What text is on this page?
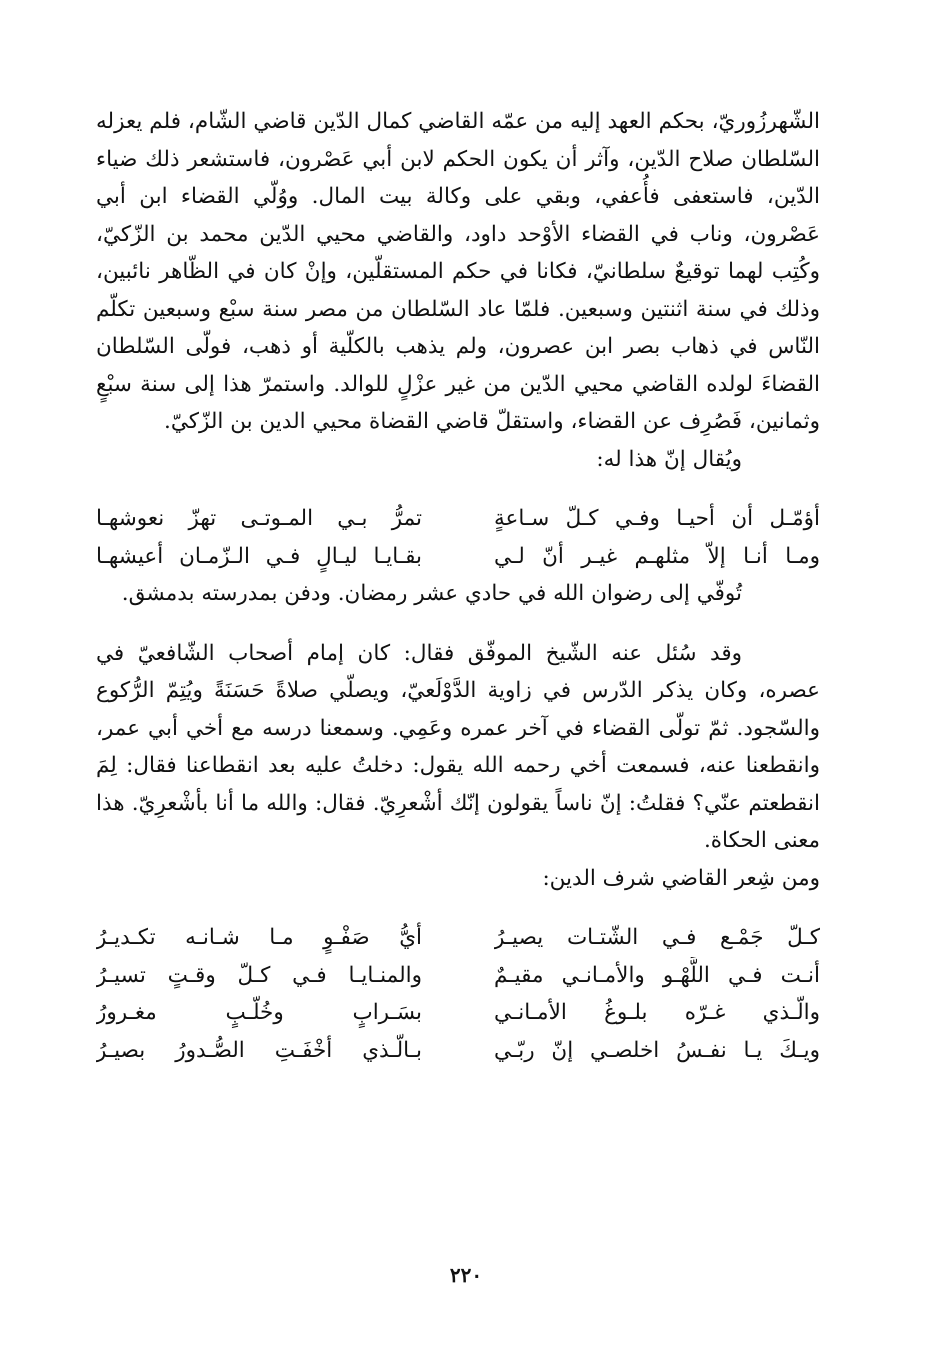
الشّهرزُوريّ، بحكم العهد إليه من عمّه القاضي كمال الدّين قاضي الشّام، فلم يعزله السّلطان صلاح الدّين، وآثر أن يكون الحكم لابن أبي عَصْرون، فاستشعر ذلك ضياء الدّين، فاستعفى فأُعفي، وبقي على وكالة بيت المال. ووُلّي القضاء ابن أبي عَصْرون، وناب في القضاء الأوْحد داود، والقاضي محيي الدّين محمد بن الزّكيّ، وكُتِب لهما توقيعٌ سلطانيّ، فكانا في حكم المستقلّين، وإنْ كان في الظّاهر نائبين، وذلك في سنة اثنتين وسبعين. فلمّا عاد السّلطان من مصر سنة سبْع وسبعين تكلّم النّاس في ذهاب بصر ابن عصرون، ولم يذهب بالكلّية أو ذهب، فولّى السّلطان القضاءَ لولده القاضي محيي الدّين من غير عزْلٍ للوالد. واستمرّ هذا إلى سنة سبْعٍ وثمانين، فَصُرِف عن القضاء، واستقلّ قاضي القضاة محيي الدين بن الزّكيّ.

ويُقال إنّ هذا له:

أؤمّـل أن أحيـا وفـي كـلّ سـاعةٍ
تمرُّ بـي المـوتـى تهزّ نعوشهـا
ومـا أنـا إلاّ مثلهـم غيـر أنّ لـي
بقـايـا ليـالٍ فـي الـزّمـان أعيشهـا

تُوفّي إلى رضوان الله في حادي عشر رمضان. ودفن بمدرسته بدمشق.

وقد سُئل عنه الشّيخ الموفّق فقال: كان إمام أصحاب الشّافعيّ في عصره، وكان يذكر الدّرس في زاوية الدَّوْلَعيّ، ويصلّي صلاةً حَسَنَةً ويُتِمّ الرُّكوع والسّجود. ثمّ تولّى القضاء في آخر عمره وعَمِي. وسمعنا درسه مع أخي أبي عمر، وانقطعنا عنه، فسمعت أخي رحمه الله يقول: دخلتُ عليه بعد انقطاعنا فقال: لِمَ انقطعتم عنّي؟ فقلتُ: إنّ ناساً يقولون إنّك أشْعرِيّ. فقال: والله ما أنا بأشْعرِيّ. هذا معنى الحكاة.

ومن شِعر القاضي شرف الدين:

كـلّ جَمْـع فـي الشّتـات يصيـرُ
أيُّ صَفْـوٍ مـا شـانـه تكـديـرُ
أنـت فـي اللَّهْـو والأمـانـي مقيـمٌ
والمنـايـا فـي كـلّ وقـتٍ تسيـرُ
والّـذي غـرّه بلـوغُ الأمـانـي
بسَـرابٍ وخُلّـبٍ مغـرورُ
ويـكَ يـا نفـسُ اخلصـي إنّ ربّـي
بـالّـذي أخْفَـتِ الصُّـدورُ بصيـرُ
٢٢٠
